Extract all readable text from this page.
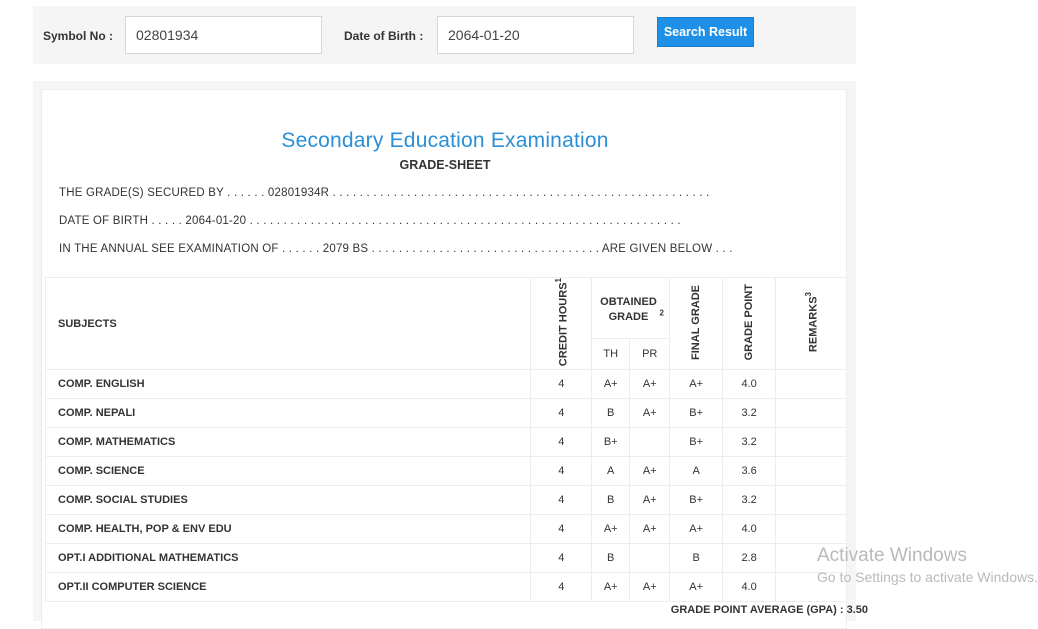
Symbol No :
02801934	Date of Birth :
2064-01-20	Search Result
Secondary Education Examination
GRADE-SHEET
THE GRADE(S) SECURED BY . . . . . . 02801934R . . . . . . . . . . . . . . . . . . . . . . . . . . . . . . . . . . . . . . . . . . . . . . . . . . . . . . . .
DATE OF BIRTH . . . . . 2064-01-20 . . . . . . . . . . . . . . . . . . . . . . . . . . . . . . . . . . . . . . . . . . . . . . . . . . . . . . . . . . . . . . . .
IN THE ANNUAL SEE EXAMINATION OF . . . . . . 2079 BS . . . . . . . . . . . . . . . . . . . . . . . . . . . . . . . . . . ARE GIVEN BELOW . . .
SUBJECTS	CREDIT HOURS$^1$	OBTAINED GRADE $^2$		FINAL GRADE	GRADE POINT	REMARKS$^3$
		TH	PR			
COMP. ENGLISH	4	A+	A+	A+	4.0	
COMP. NEPALI	4	B	A+	B+	3.2	
COMP. MATHEMATICS	4	B+		B+	3.2	
COMP. SCIENCE	4	A	A+	A	3.6	
COMP. SOCIAL STUDIES	4	B	A+	B+	3.2	
COMP. HEALTH, POP & ENV EDU	4	A+	A+	A+	4.0	
OPT.I ADDITIONAL MATHEMATICS	4	B		B	2.8	
OPT.II COMPUTER SCIENCE	4	A+	A+	A+	4.0	
GRADE POINT AVERAGE (GPA) : 3.50
Activate Windows
Go to Settings to activate Windows.
